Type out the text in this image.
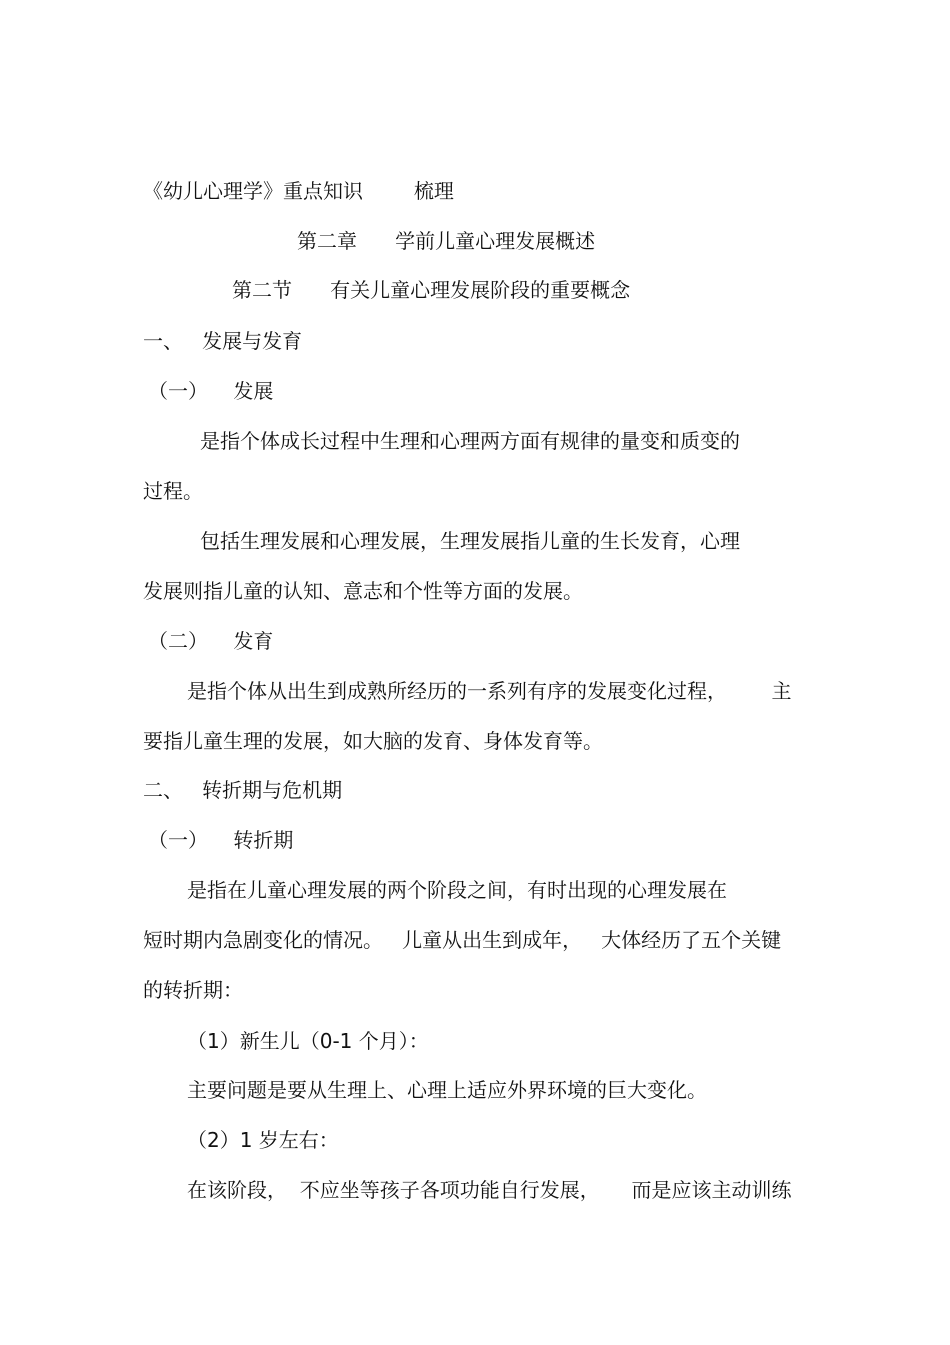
《幼儿心理学》重点知识        梳理

第二章      学前儿童心理发展概述

第二节      有关儿童心理发展阶段的重要概念

一、   发展与发育

（一）    发展

是指个体成长过程中生理和心理两方面有规律的量变和质变的

过程。

包括生理发展和心理发展，生理发展指儿童的生长发育，心理

发展则指儿童的认知、意志和个性等方面的发展。

（二）    发育

是指个体从出生到成熟所经历的一系列有序的发展变化过程，       主

要指儿童生理的发展，如大脑的发育、身体发育等。

二、   转折期与危机期

（一）    转折期

是指在儿童心理发展的两个阶段之间，有时出现的心理发展在

短时期内急剧变化的情况。   儿童从出生到成年，   大体经历了五个关键

的转折期：

（1）新生儿（0-1 个月）：

主要问题是要从生理上、心理上适应外界环境的巨大变化。

（2）1 岁左右：

在该阶段，  不应坐等孩子各项功能自行发展，     而是应该主动训练
